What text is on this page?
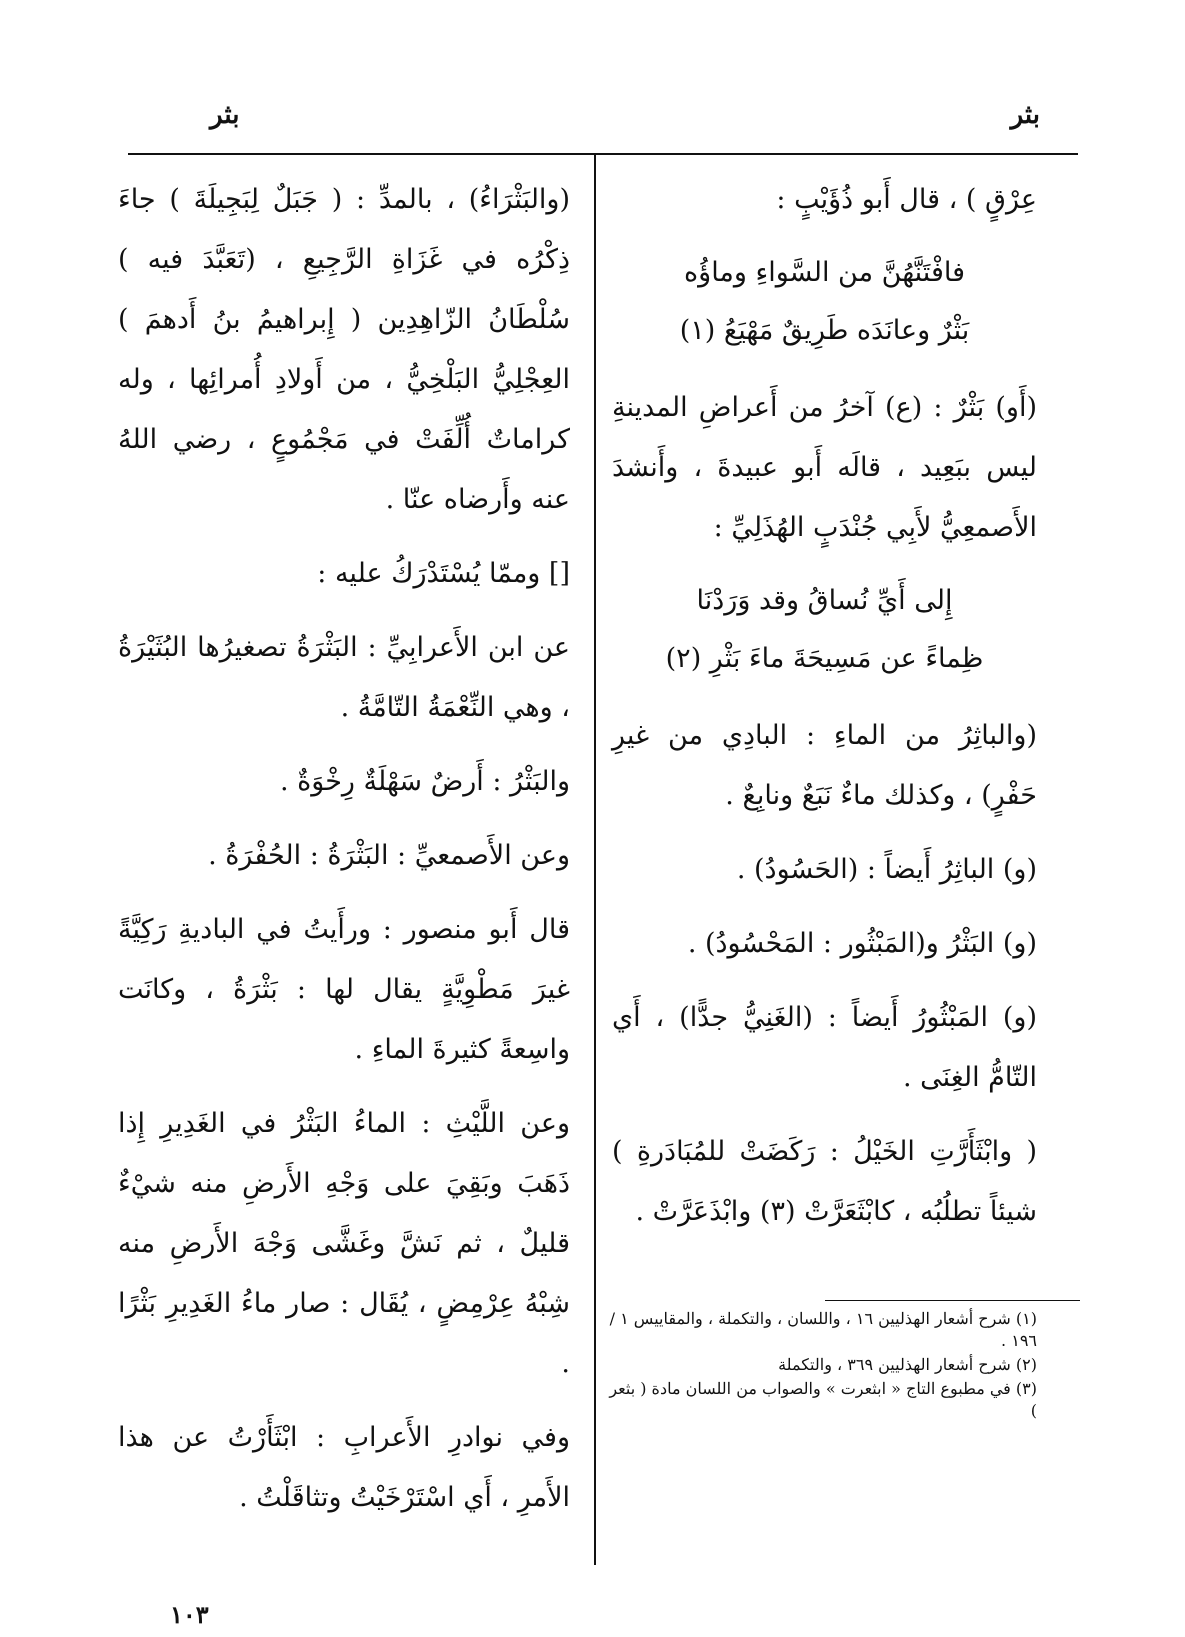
بثر
بثر

عِرْقٍ ) ، قال أَبو ذُؤَيْبٍ :

فافْتَنَّهُنَّ من السَّواءِ وماؤُه
بَثْرٌ وعانَدَه طَرِيقٌ مَهْيَعُ (١)

(أَو) بَثْرٌ : (ع) آخرُ من أَعراضِ المدينةِ ليس ببَعِيد ، قالَه أَبو عبيدةَ ، وأَنشدَ الأَصمعِيُّ لأَبِي جُنْدَبٍ الهُذَلِيِّ :

إِلى أَيِّ نُساقُ وقد وَرَدْنَا
ظِماءً عن مَسِيحَةَ ماءَ بَثْرِ (٢)

(والباثِرُ من الماءِ : البادِي من غيرِ حَفْرٍ) ، وكذلك ماءٌ نَبَعٌ ونابِعٌ .

(و) الباثِرُ أَيضاً : (الحَسُودُ) .

(و) البَثْرُ و(المَبْثُور : المَحْسُودُ) .

(و) المَبْثُورُ أَيضاً : (الغَنِيُّ جدًّا) ، أَي التّامُّ الغِنَى .

( وابْثَأَرَّتِ الخَيْلُ : رَكَضَتْ للمُبَادَرةِ ) شيئاً تطلُبُه ، كابْثَعَرَّتْ (٣) وابْذَعَرَّتْ .

(والبَثْرَاءُ) ، بالمدِّ : ( جَبَلٌ لِبَجِيلَةَ ) جاءَ ذِكْرُه في غَزَاةِ الرَّجِيعِ ، (تَعَبَّدَ فيه ) سُلْطَانُ الزّاهِدِين ( إِبراهيمُ بنُ أَدهمَ ) العِجْلِيُّ البَلْخِيُّ ، من أَولادِ أُمرائِها ، وله كراماتٌ أُلِّفَتْ في مَجْمُوعٍ ، رضي اللهُ عنه وأَرضاه عنّا .

[] وممّا يُسْتَدْرَكُ عليه :

عن ابن الأَعرابِيِّ : البَثْرَةُ تصغيرُها البُثَيْرَةُ ، وهي النِّعْمَةُ التّامَّةُ .

والبَثْرُ : أَرضٌ سَهْلَةٌ رِخْوَةٌ .

وعن الأَصمعيِّ : البَثْرَةُ : الحُفْرَةُ .

قال أَبو منصور : ورأَيتُ في الباديةِ رَكِيَّةً غيرَ مَطْوِيَّةٍ يقال لها : بَثْرَةُ ، وكانَت واسِعةً كثيرةَ الماءِ .

وعن اللَّيْثِ : الماءُ البَثْرُ في الغَدِيرِ إِذا ذَهَبَ وبَقِيَ على وَجْهِ الأَرضِ منه شيْءٌ قليلٌ ، ثم نَشَّ وغَشَّى وَجْهَ الأَرضِ منه شِبْهُ عِرْمِضٍ ، يُقَال : صار ماءُ الغَدِيرِ بَثْرًا .

وفي نوادرِ الأَعرابِ : ابْثَأَرْتُ عن هذا الأَمرِ ، أَي اسْتَرْخَيْتُ وتثاقَلْتُ .

١٠٣
(١) شرح أشعار الهذليين ١٦ ، واللسان ، والتكملة ، والمقاييس ١ /١٩٦ .
(٢) شرح أشعار الهذليين ٣٦٩ ، والتكملة
(٣) في مطبوع التاج « ابثعرت » والصواب من اللسان مادة ( بثعر )
